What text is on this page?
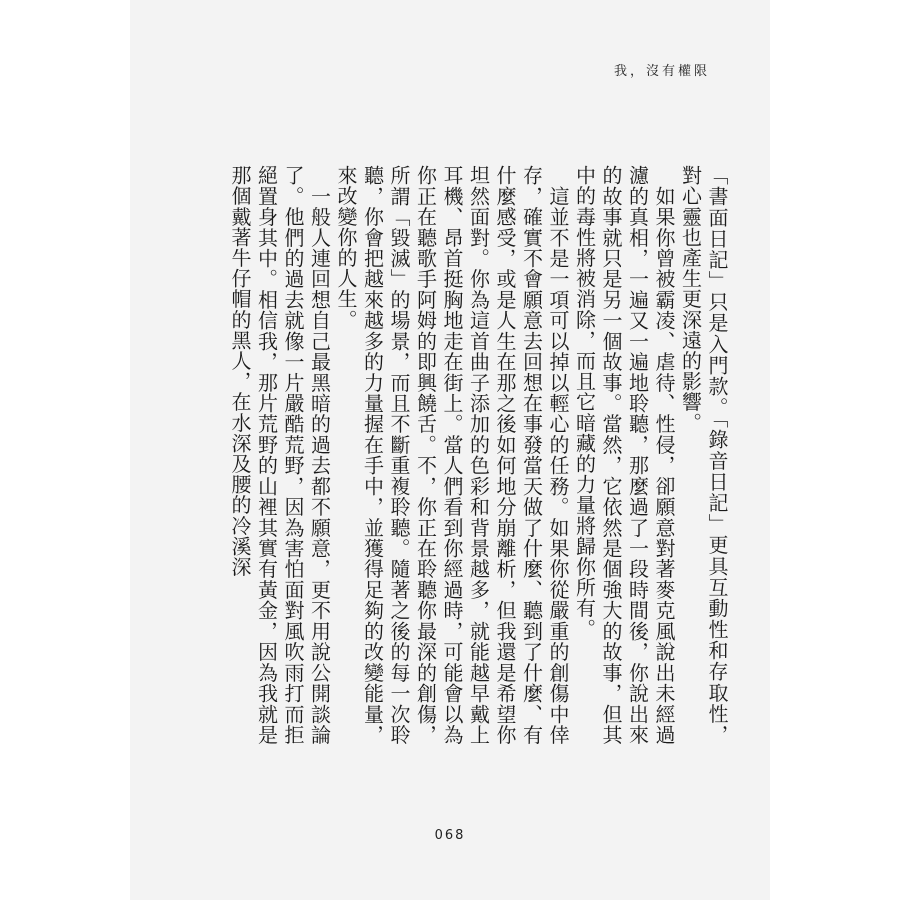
我，沒有權限

「書面日記」只是入門款。「錄音日記」更具互動性和存取性，對心靈也產生更深遠的影響。

　如果你曾被霸凌、虐待、性侵，卻願意對著麥克風說出未經過濾的真相，一遍又一遍地聆聽，那麼過了一段時間後，你說出來的故事就只是另一個故事。當然，它依然是個強大的故事，但其中的毒性將被消除，而且它暗藏的力量將歸你所有。

　這並不是一項可以掉以輕心的任務。如果你從嚴重的創傷中倖存，確實不會願意去回想在事發當天做了什麼、聽到了什麼、有什麼感受，或是人生在那之後如何地分崩離析，但我還是希望你坦然面對。你為這首曲子添加的色彩和背景越多，就能越早戴上耳機、昂首挺胸地走在街上。當人們看到你經過時，可能會以為你正在聽歌手阿姆的即興饒舌。不，你正在聆聽你最深的創傷，所謂「毀滅」的場景，而且不斷重複聆聽。隨著之後的每一次聆聽，你會把越來越多的力量握在手中，並獲得足夠的改變能量，來改變你的人生。

　一般人連回想自己最黑暗的過去都不願意，更不用說公開談論了。他們的過去就像一片嚴酷荒野，因為害怕面對風吹雨打而拒絕置身其中。相信我，那片荒野的山裡其實有黃金，因為我就是那個戴著牛仔帽的黑人，在水深及腰的冷溪深

068
